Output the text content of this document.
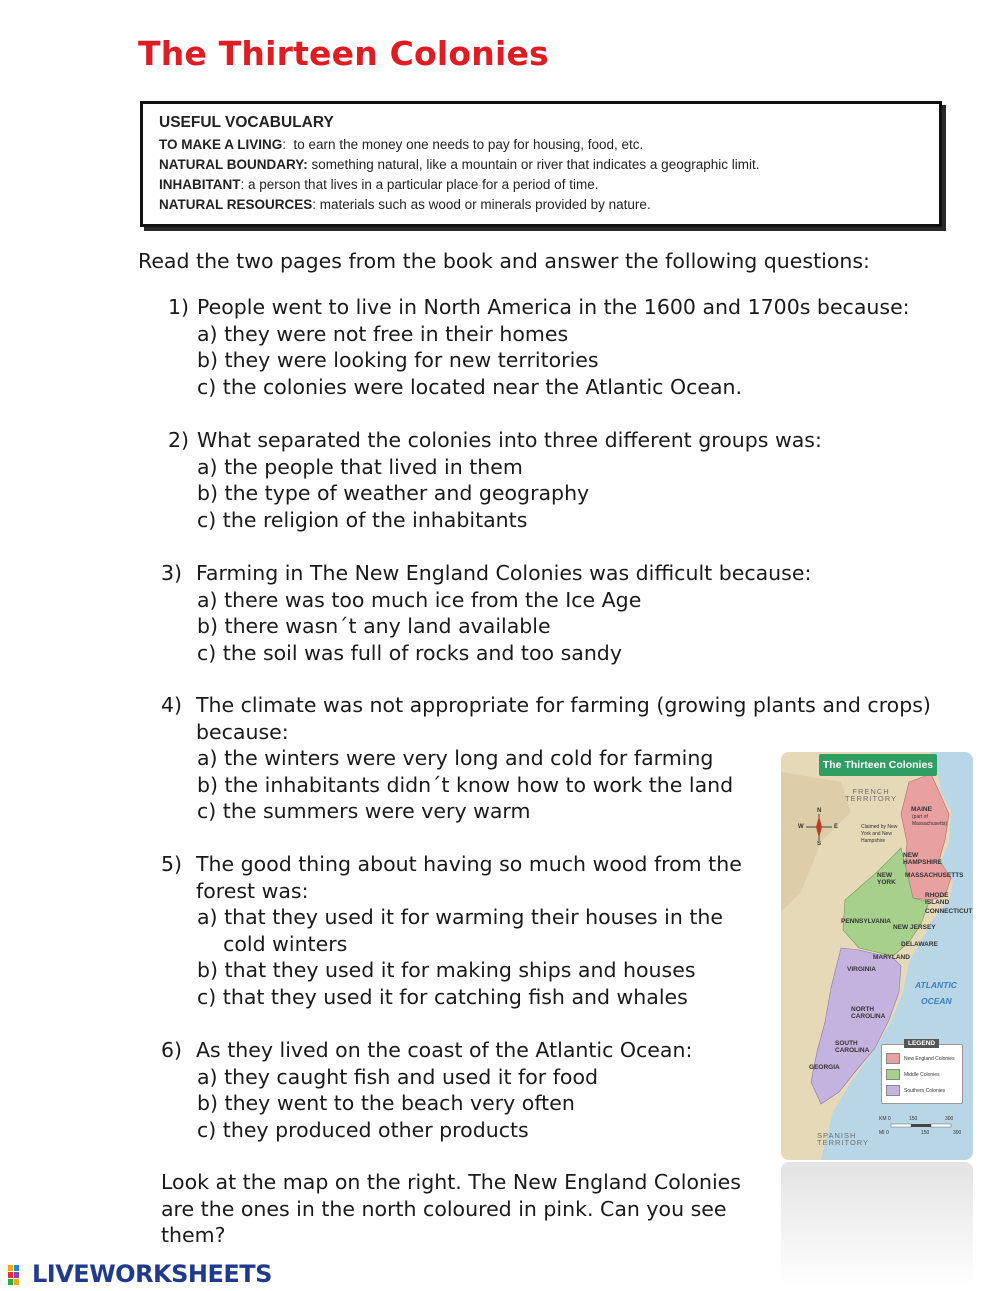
The Thirteen Colonies
USEFUL VOCABULARY
TO MAKE A LIVING:  to earn the money one needs to pay for housing, food, etc.
NATURAL BOUNDARY: something natural, like a mountain or river that indicates a geographic limit.
INHABITANT: a person that lives in a particular place for a period of time.
NATURAL RESOURCES: materials such as wood or minerals provided by nature.
Read the two pages from the book and answer the following questions:
1) People went to live in North America in the 1600 and 1700s because:
a) they were not free in their homes
b) they were looking for new territories
c) the colonies were located near the Atlantic Ocean.
2) What separated the colonies into three different groups was:
a) the people that lived in them
b) the type of weather and geography
c) the religion of the inhabitants
3) Farming in The New England Colonies was difficult because:
a) there was too much ice from the Ice Age
b) there wasn´t any land available
c) the soil was full of rocks and too sandy
4) The climate was not appropriate for farming (growing plants and crops)
because:
a) the winters were very long and cold for farming
b) the inhabitants didn´t know how to work the land
c) the summers were very warm
5) The good thing about having so much wood from the
forest was:
a) that they used it for warming their houses in the
cold winters
b) that they used it for making ships and houses
c) that they used it for catching fish and whales
6) As they lived on the coast of the Atlantic Ocean:
a) they caught fish and used it for food
b) they went to the beach very often
c) they produced other products
Look at the map on the right. The New England Colonies
are the ones in the north coloured in pink. Can you see
them?
The Thirteen Colonies
FRENCH TERRITORY
MAINE
(part of Massachusetts)
Claimed by New York and New Hampshire
NEW HAMPSHIRE
MASSACHUSETTS
NEW YORK
RHODE ISLAND
CONNECTICUT
PENNSYLVANIA
NEW JERSEY
DELAWARE
MARYLAND
VIRGINIA
NORTH CAROLINA
SOUTH CAROLINA
GEORGIA
ATLANTIC
OCEAN
SPANISH TERRITORY
N
S
E
W
LEGEND
New England Colonies
Middle Colonies
Southern Colonies
KM 0	150	300
MI 0	150	300
LIVEWORKSHEETS
